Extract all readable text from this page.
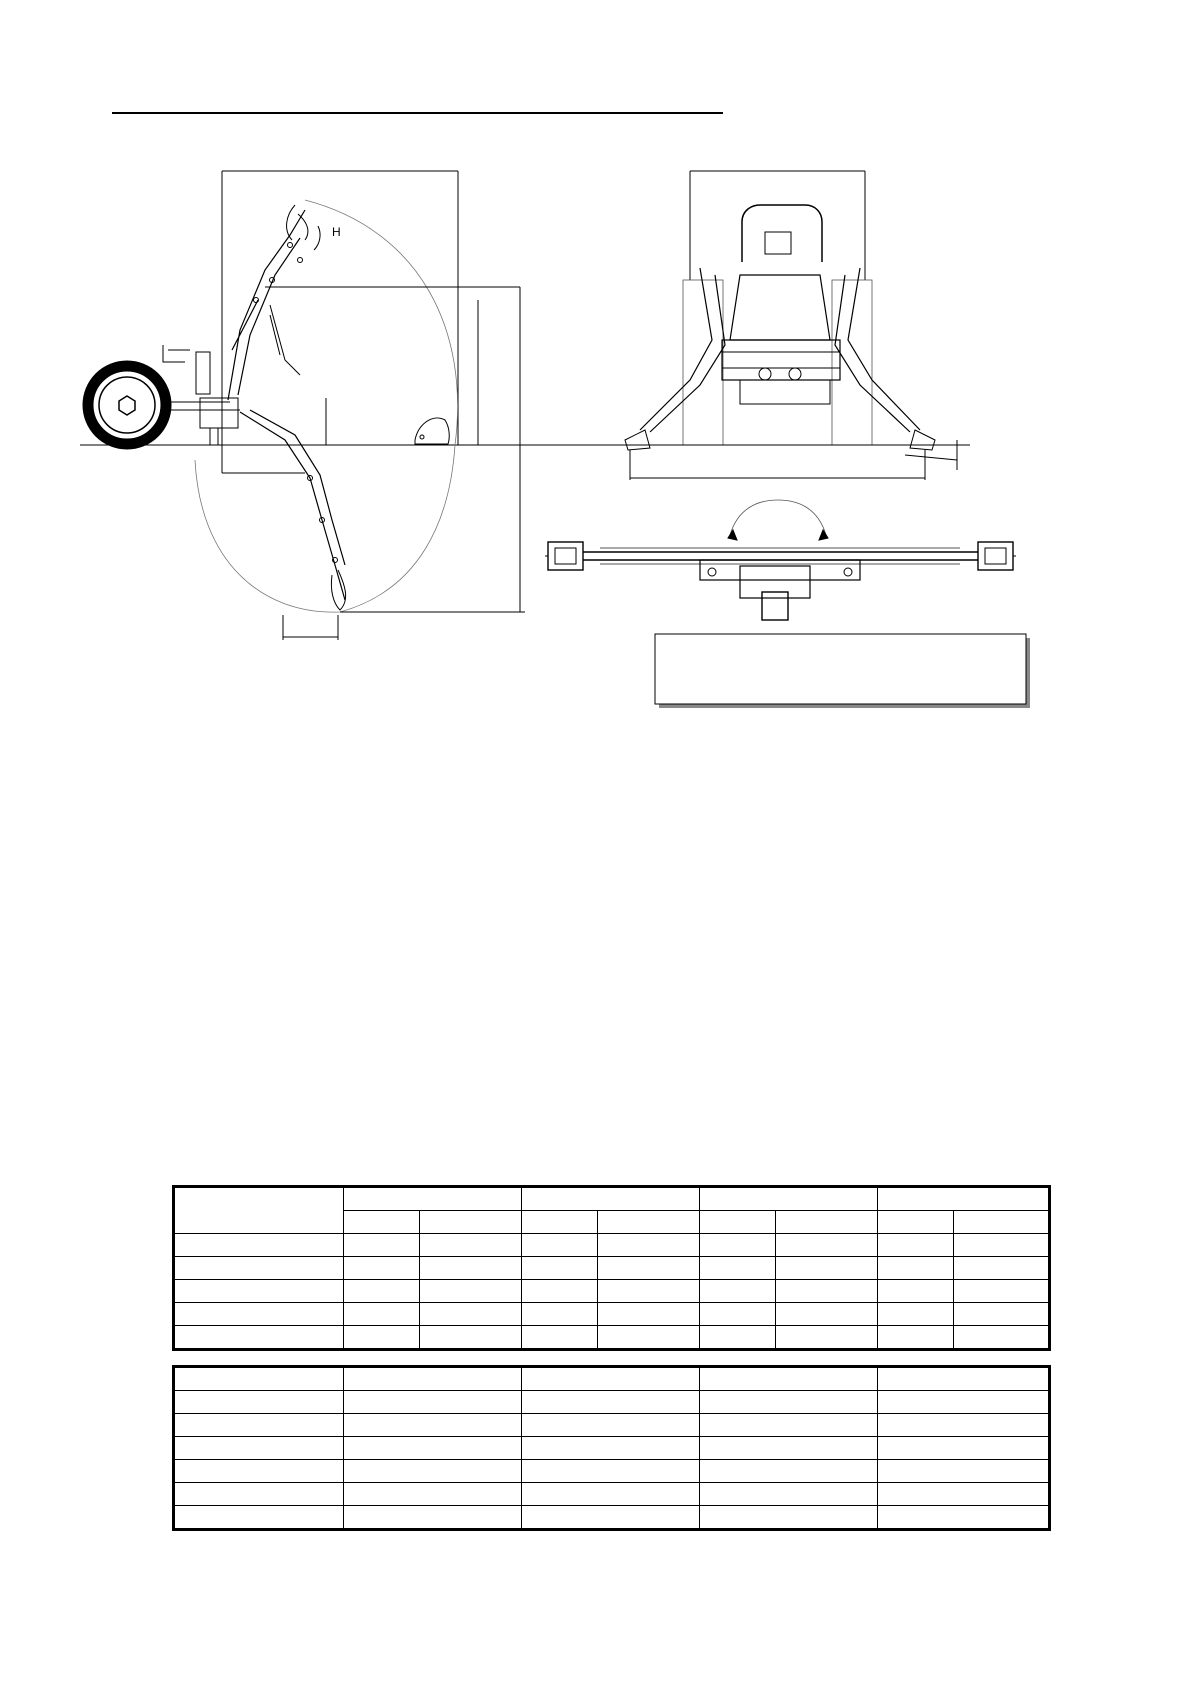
H
